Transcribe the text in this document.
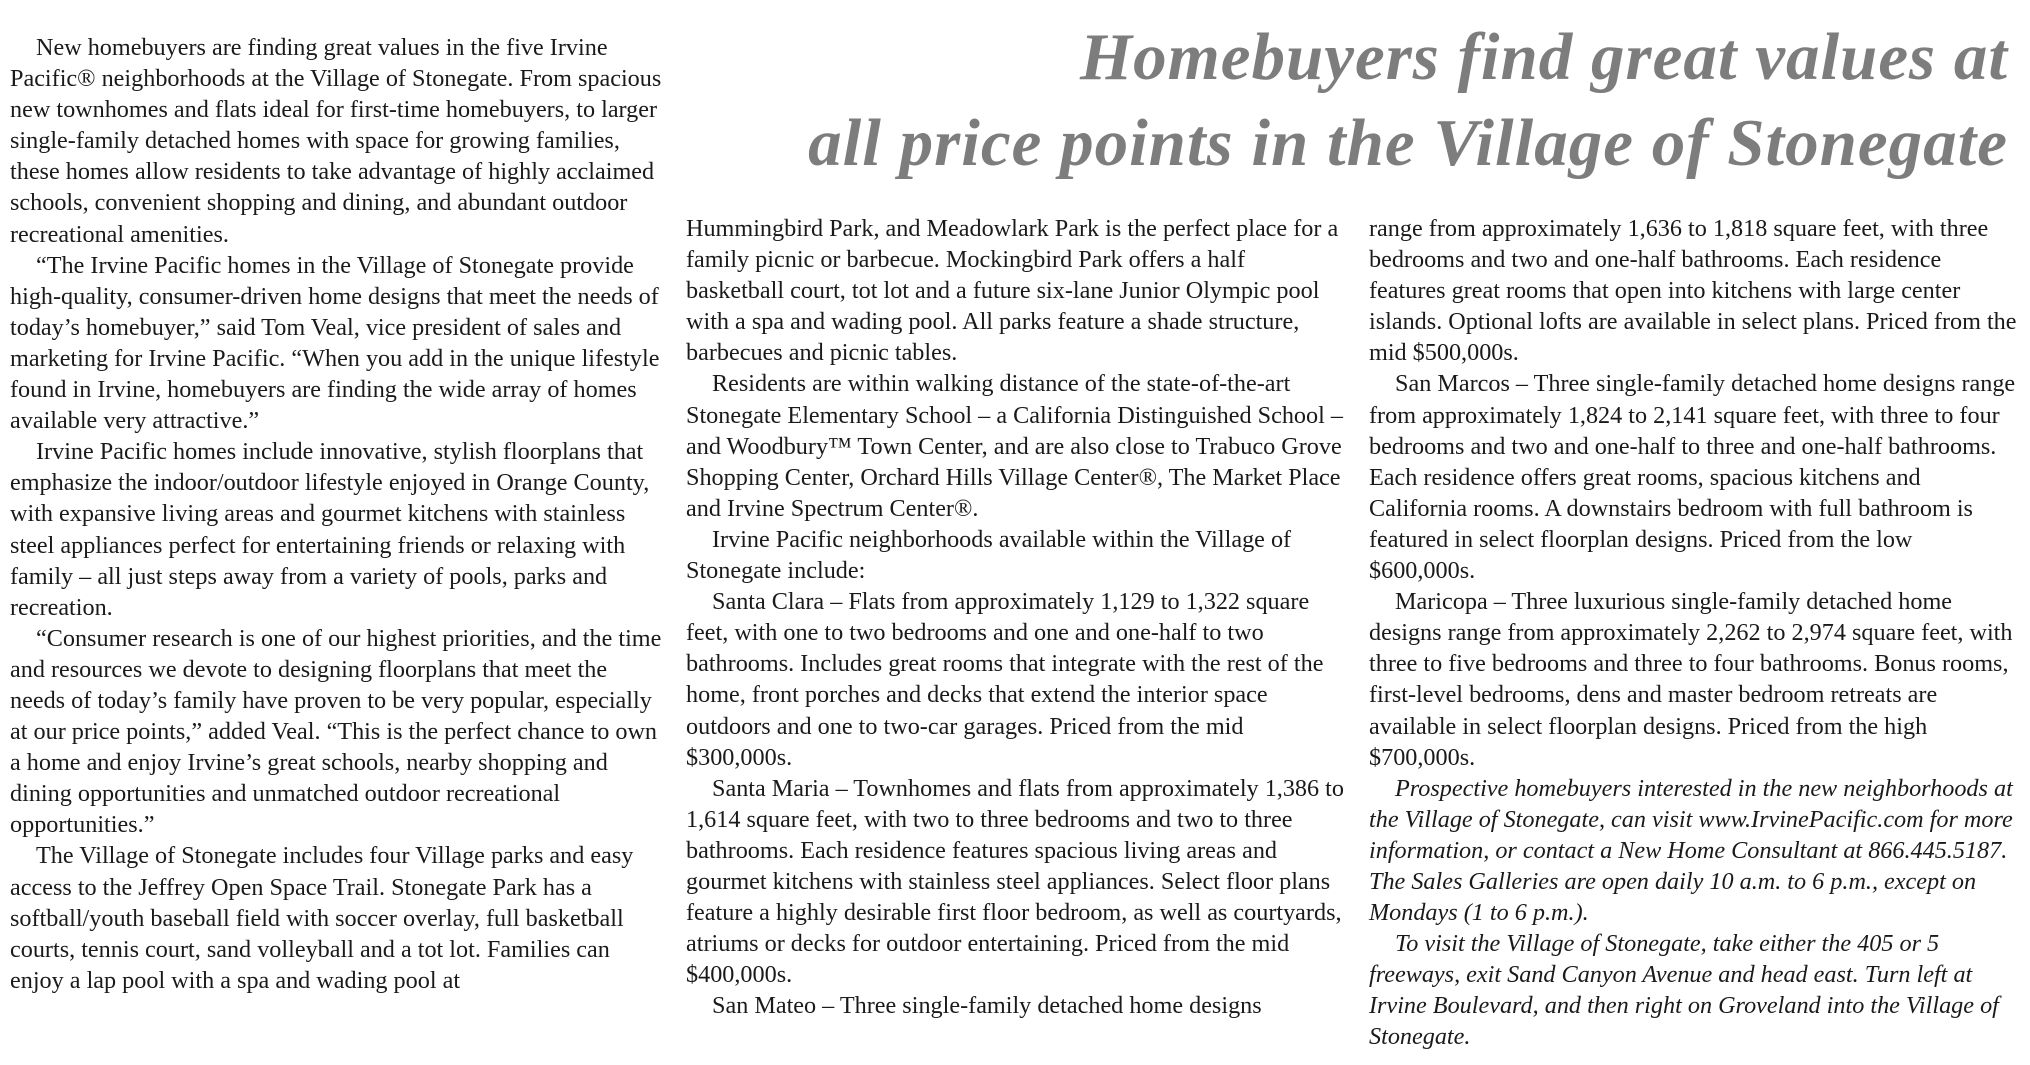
Homebuyers find great values at
all price points in the Village of Stonegate

New homebuyers are finding great values in the five Irvine Pacific® neighborhoods at the Village of Stonegate. From spacious new townhomes and flats ideal for first-time homebuyers, to larger single-family detached homes with space for growing families, these homes allow residents to take advantage of highly acclaimed schools, convenient shopping and dining, and abundant outdoor recreational amenities.

“The Irvine Pacific homes in the Village of Stonegate provide high-quality, consumer-driven home designs that meet the needs of today’s homebuyer,” said Tom Veal, vice president of sales and marketing for Irvine Pacific. “When you add in the unique lifestyle found in Irvine, homebuyers are finding the wide array of homes available very attractive.”

Irvine Pacific homes include innovative, stylish floorplans that emphasize the indoor/outdoor lifestyle enjoyed in Orange County, with expansive living areas and gourmet kitchens with stainless steel appliances perfect for entertaining friends or relaxing with family – all just steps away from a variety of pools, parks and recreation.

“Consumer research is one of our highest priorities, and the time and resources we devote to designing floorplans that meet the needs of today’s family have proven to be very popular, especially at our price points,” added Veal. “This is the perfect chance to own a home and enjoy Irvine’s great schools, nearby shopping and dining opportunities and unmatched outdoor recreational opportunities.”

The Village of Stonegate includes four Village parks and easy access to the Jeffrey Open Space Trail. Stonegate Park has a softball/youth baseball field with soccer overlay, full basketball courts, tennis court, sand volleyball and a tot lot. Families can enjoy a lap pool with a spa and wading pool at

Hummingbird Park, and Meadowlark Park is the perfect place for a family picnic or barbecue. Mockingbird Park offers a half basketball court, tot lot and a future six-lane Junior Olympic pool with a spa and wading pool. All parks feature a shade structure, barbecues and picnic tables.

Residents are within walking distance of the state-of-the-art Stonegate Elementary School – a California Distinguished School – and Woodbury™ Town Center, and are also close to Trabuco Grove Shopping Center, Orchard Hills Village Center®, The Market Place and Irvine Spectrum Center®.

Irvine Pacific neighborhoods available within the Village of Stonegate include:

Santa Clara – Flats from approximately 1,129 to 1,322 square feet, with one to two bedrooms and one and one-half to two bathrooms. Includes great rooms that integrate with the rest of the home, front porches and decks that extend the interior space outdoors and one to two-car garages. Priced from the mid $300,000s.

Santa Maria – Townhomes and flats from approximately 1,386 to 1,614 square feet, with two to three bedrooms and two to three bathrooms. Each residence features spacious living areas and gourmet kitchens with stainless steel appliances. Select floor plans feature a highly desirable first floor bedroom, as well as courtyards, atriums or decks for outdoor entertaining. Priced from the mid $400,000s.

San Mateo – Three single-family detached home designs

range from approximately 1,636 to 1,818 square feet, with three bedrooms and two and one-half bathrooms. Each residence features great rooms that open into kitchens with large center islands. Optional lofts are available in select plans. Priced from the mid $500,000s.

San Marcos – Three single-family detached home designs range from approximately 1,824 to 2,141 square feet, with three to four bedrooms and two and one-half to three and one-half bathrooms. Each residence offers great rooms, spacious kitchens and California rooms. A downstairs bedroom with full bathroom is featured in select floorplan designs. Priced from the low $600,000s.

Maricopa – Three luxurious single-family detached home designs range from approximately 2,262 to 2,974 square feet, with three to five bedrooms and three to four bathrooms. Bonus rooms, first-level bedrooms, dens and master bedroom retreats are available in select floorplan designs. Priced from the high $700,000s.

Prospective homebuyers interested in the new neighborhoods at the Village of Stonegate, can visit www.IrvinePacific.com for more information, or contact a New Home Consultant at 866.445.5187. The Sales Galleries are open daily 10 a.m. to 6 p.m., except on Mondays (1 to 6 p.m.).

To visit the Village of Stonegate, take either the 405 or 5 freeways, exit Sand Canyon Avenue and head east. Turn left at Irvine Boulevard, and then right on Groveland into the Village of Stonegate.
